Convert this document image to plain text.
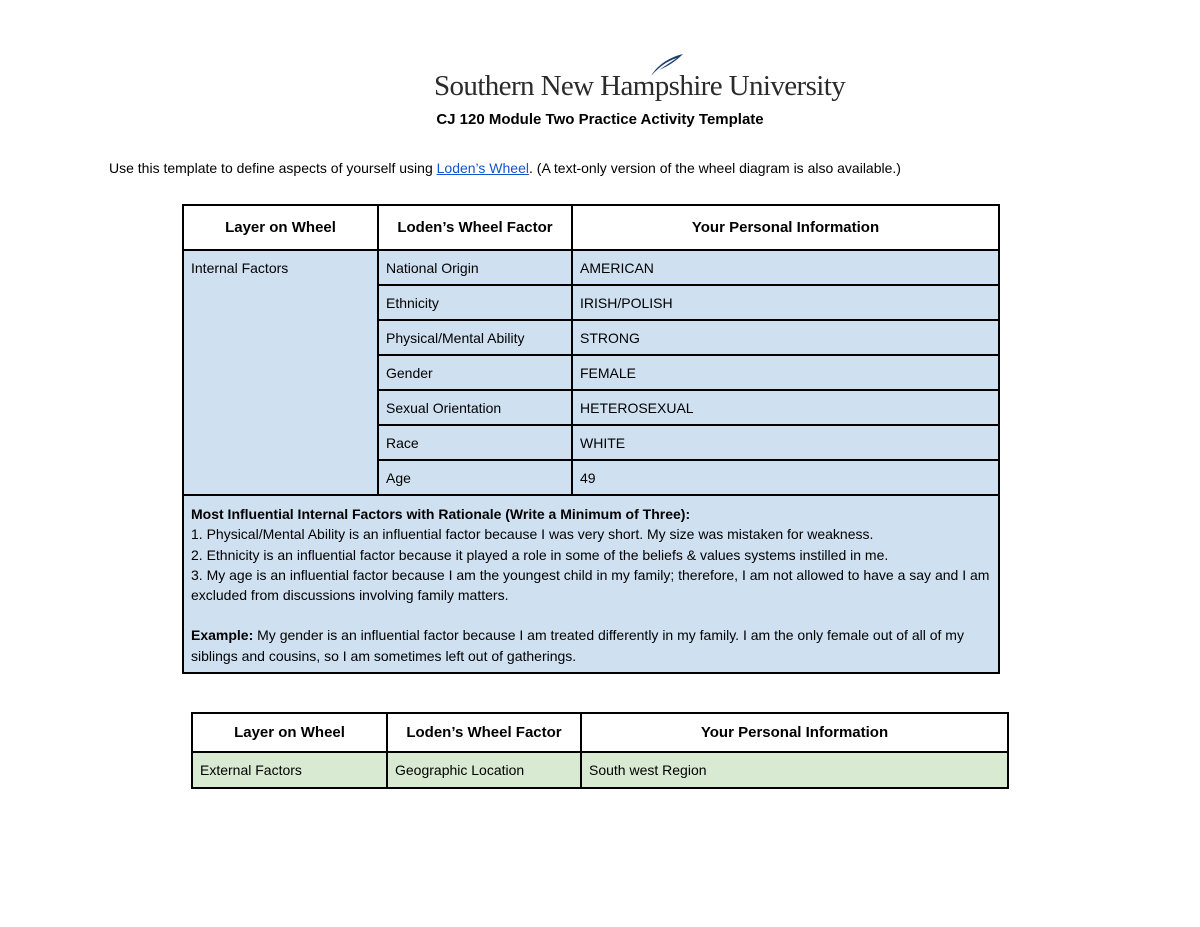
Southern New Hampshire University
CJ 120 Module Two Practice Activity Template
Use this template to define aspects of yourself using Loden’s Wheel. (A text-only version of the wheel diagram is also available.)
Layer on Wheel	Loden’s Wheel Factor	Your Personal Information
Internal Factors	National Origin	AMERICAN
	Ethnicity	IRISH/POLISH
	Physical/Mental Ability	STRONG
	Gender	FEMALE
	Sexual Orientation	HETEROSEXUAL
	Race	WHITE
	Age	49

Most Influential Internal Factors with Rationale (Write a Minimum of Three):
1. Physical/Mental Ability is an influential factor because I was very short. My size was mistaken for weakness.
2. Ethnicity is an influential factor because it played a role in some of the beliefs & values systems instilled in me.
3. My age is an influential factor because I am the youngest child in my family; therefore, I am not allowed to have a say and I am excluded from discussions involving family matters.
Example: My gender is an influential factor because I am treated differently in my family. I am the only female out of all of my siblings and cousins, so I am sometimes left out of gatherings.		
Layer on Wheel	Loden’s Wheel Factor	Your Personal Information
External Factors	Geographic Location	South west Region
